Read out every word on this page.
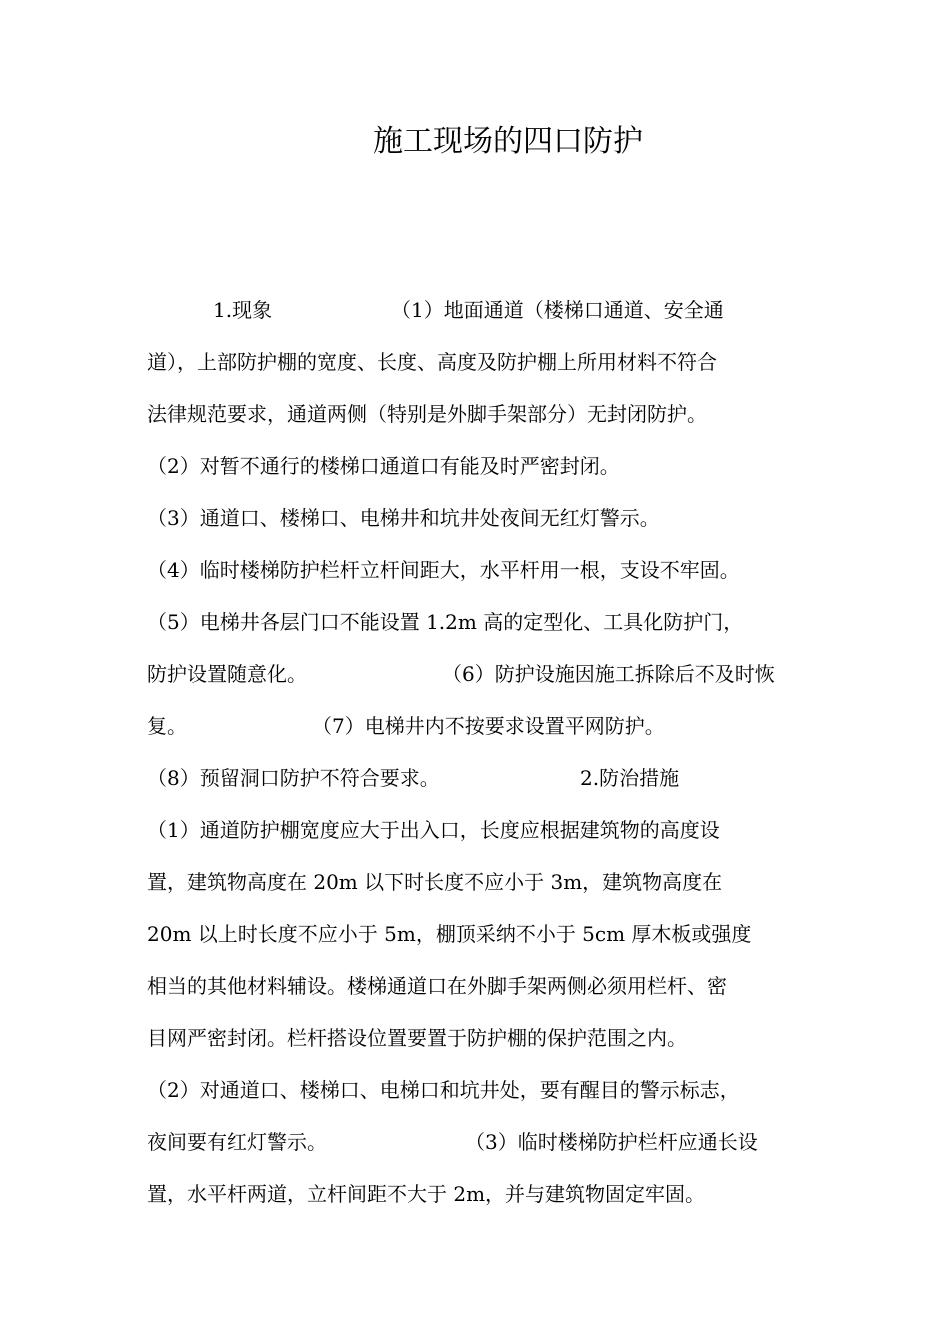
施工现场的四口防护
1.现象	（1）地面通道（楼梯口通道、安全通
道），上部防护棚的宽度、长度、高度及防护棚上所用材料不符合
法律规范要求，通道两侧（特别是外脚手架部分）无封闭防护。
（2）对暂不通行的楼梯口通道口有能及时严密封闭。
（3）通道口、楼梯口、电梯井和坑井处夜间无红灯警示。
（4）临时楼梯防护栏杆立杆间距大，水平杆用一根，支设不牢固。
（5）电梯井各层门口不能设置 1.2m 高的定型化、工具化防护门，
防护设置随意化。	（6）防护设施因施工拆除后不及时恢
复。	（7）电梯井内不按要求设置平网防护。
（8）预留洞口防护不符合要求。	2.防治措施
（1）通道防护棚宽度应大于出入口，长度应根据建筑物的高度设
置，建筑物高度在 20m 以下时长度不应小于 3m，建筑物高度在
20m 以上时长度不应小于 5m，棚顶采纳不小于 5cm 厚木板或强度
相当的其他材料辅设。楼梯通道口在外脚手架两侧必须用栏杆、密
目网严密封闭。栏杆搭设位置要置于防护棚的保护范围之内。
（2）对通道口、楼梯口、电梯口和坑井处，要有醒目的警示标志，
夜间要有红灯警示。	（3）临时楼梯防护栏杆应通长设
置，水平杆两道，立杆间距不大于 2m，并与建筑物固定牢固。
